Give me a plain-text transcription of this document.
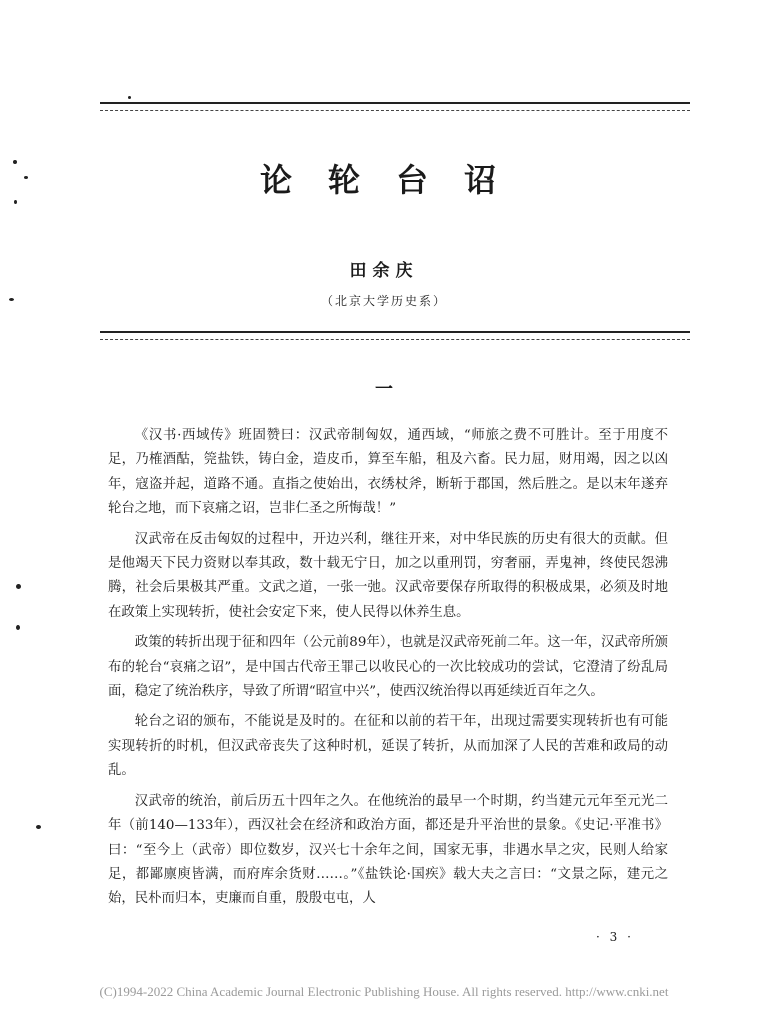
论轮台诏
田余庆
（北京大学历史系）
一

《汉书·西域传》班固赞曰：汉武帝制匈奴，通西域，“师旅之费不可胜计。至于用度不足，乃榷酒酤，筦盐铁，铸白金，造皮币，算至车船，租及六畜。民力屈，财用竭，因之以凶年，寇盗并起，道路不通。直指之使始出，衣绣杖斧，断斩于郡国，然后胜之。是以末年遂弃轮台之地，而下哀痛之诏，岂非仁圣之所悔哉！”

汉武帝在反击匈奴的过程中，开边兴利，继往开来，对中华民族的历史有很大的贡献。但是他竭天下民力资财以奉其政，数十载无宁日，加之以重刑罚，穷奢丽，弄鬼神，终使民怨沸腾，社会后果极其严重。文武之道，一张一弛。汉武帝要保存所取得的积极成果，必须及时地在政策上实现转折，使社会安定下来，使人民得以休养生息。

政策的转折出现于征和四年（公元前89年），也就是汉武帝死前二年。这一年，汉武帝所颁布的轮台“哀痛之诏”，是中国古代帝王罪己以收民心的一次比较成功的尝试，它澄清了纷乱局面，稳定了统治秩序，导致了所谓“昭宣中兴”，使西汉统治得以再延续近百年之久。

轮台之诏的颁布，不能说是及时的。在征和以前的若干年，出现过需要实现转折也有可能实现转折的时机，但汉武帝丧失了这种时机，延误了转折，从而加深了人民的苦难和政局的动乱。

汉武帝的统治，前后历五十四年之久。在他统治的最早一个时期，约当建元元年至元光二年（前140—133年），西汉社会在经济和政治方面，都还是升平治世的景象。《史记·平准书》曰：“至今上（武帝）即位数岁，汉兴七十余年之间，国家无事，非遇水旱之灾，民则人给家足，都鄙廪庾皆满，而府库余货财……。”《盐铁论·国疾》载大夫之言曰：“文景之际，建元之始，民朴而归本，吏廉而自重，殷殷屯屯，人

· 3 ·
(C)1994-2022 China Academic Journal Electronic Publishing House. All rights reserved. http://www.cnki.net
